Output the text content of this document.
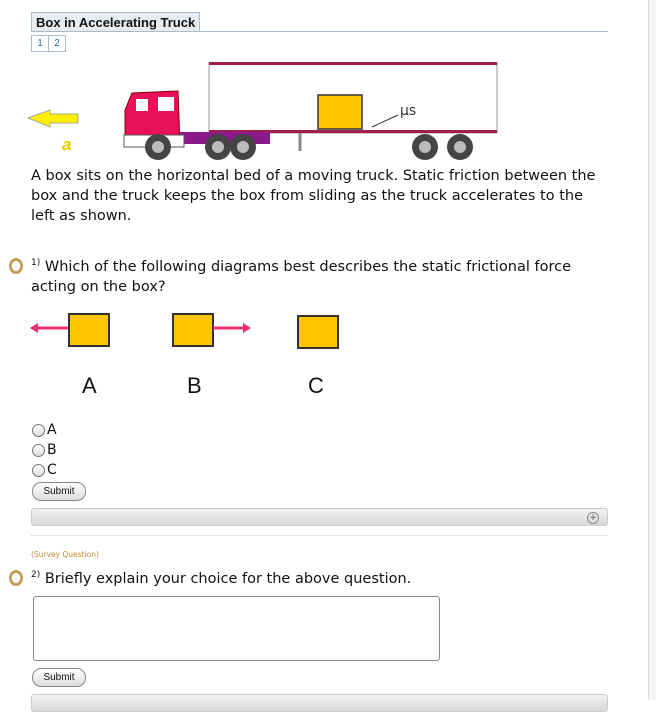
Box in Accelerating Truck
1	2
a
μs
A box sits on the horizontal bed of a moving truck. Static friction between the box and the truck keeps the box from sliding as the truck accelerates to the left as shown.
$^{1)}$ Which of the following diagrams best describes the static frictional force acting on the box?
A	B	C
A
B
C
Submit
+
(Survey Question)
$^{2)}$ Briefly explain your choice for the above question.
Submit
